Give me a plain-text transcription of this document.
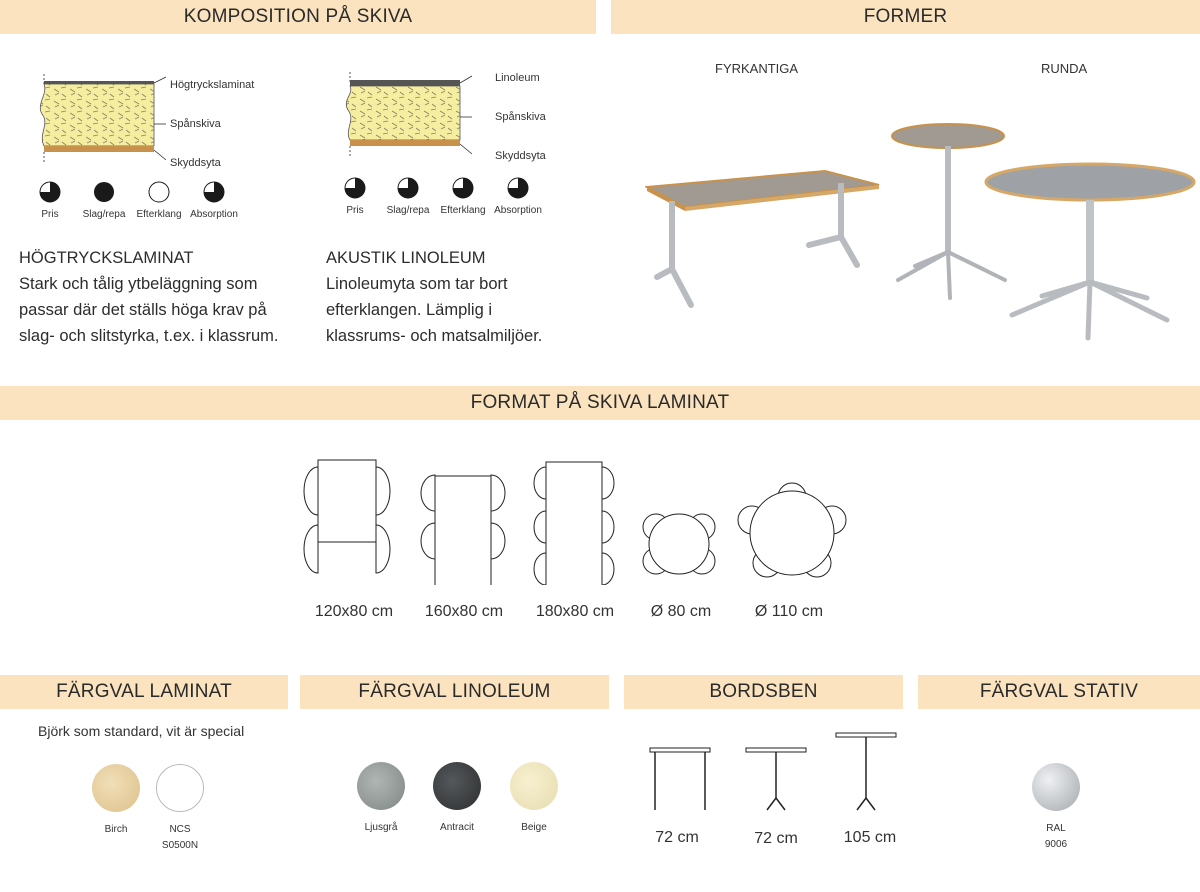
KOMPOSITION PÅ SKIVA	FORMER
Högtryckslaminat
Spånskiva
Skyddsyta
Pris	Slag/repa	Efterklang Absorption
HÖGTRYCKSLAMINAT
Stark och tålig ytbeläggning som
passar där det ställs höga krav på
slag- och slitstyrka, t.ex. i klassrum.
Linoleum
Spånskiva
Skyddsyta
Pris	Slag/repa	Efterklang Absorption
AKUSTIK LINOLEUM
Linoleumyta som tar bort
efterklangen. Lämplig i
klassrums- och matsalmiljöer.
FYRKANTIGA	RUNDA
FORMAT PÅ SKIVA LAMINAT
120x80 cm	160x80 cm	180x80 cm	Ø 80 cm	Ø 110 cm
FÄRGVAL LAMINAT	FÄRGVAL LINOLEUM	BORDSBEN	FÄRGVAL STATIV
Björk som standard, vit är special
Birch	NCS
S0500N
Ljusgrå	Antracit	Beige
72 cm	72 cm	105 cm
RAL
9006
